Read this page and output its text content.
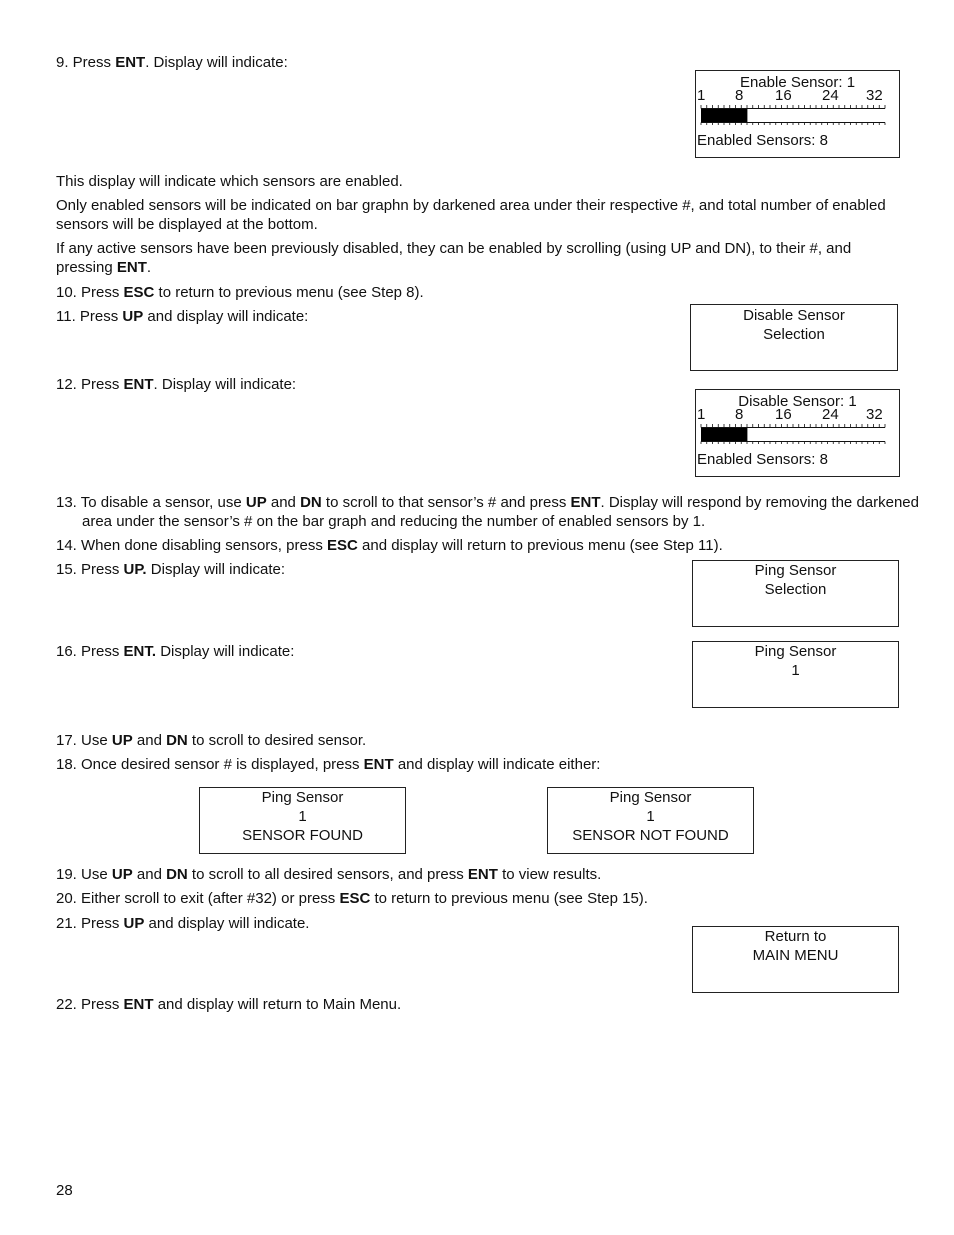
9. Press ENT. Display will indicate:

Enable Sensor: 1
1 8 16 24 32
Enabled Sensors: 8

This display will indicate which sensors are enabled.

Only enabled sensors will be indicated on bar graphn by darkened area under their respective #, and total number of enabled sensors will be displayed at the bottom.

If any active sensors have been previously disabled, they can be enabled by scrolling (using UP and DN), to their #, and pressing ENT.

10. Press ESC to return to previous menu (see Step 8).

11. Press UP and display will indicate:	Disable Sensor
Selection

12. Press ENT. Display will indicate:

Disable Sensor: 1
1 8 16 24 32
Enabled Sensors: 8

13. To disable a sensor, use UP and DN to scroll to that sensor’s # and press ENT. Display will respond by removing the darkened area under the sensor’s # on the bar graph and reducing the number of enabled sensors by 1.

14. When done disabling sensors, press ESC and display will return to previous menu (see Step 11).

15. Press UP. Display will indicate:	Ping Sensor
Selection

16. Press ENT. Display will indicate:	Ping Sensor
1

17. Use UP and DN to scroll to desired sensor.

18. Once desired sensor # is displayed, press ENT and display will indicate either:

Ping Sensor
1
SENSOR FOUND
Ping Sensor
1
SENSOR NOT FOUND

19. Use UP and DN to scroll to all desired sensors, and press ENT to view results.

20. Either scroll to exit (after #32) or press ESC to return to previous menu (see Step 15).

21. Press UP and display will indicate.

Return to
MAIN MENU

22. Press ENT and display will return to Main Menu.

28
